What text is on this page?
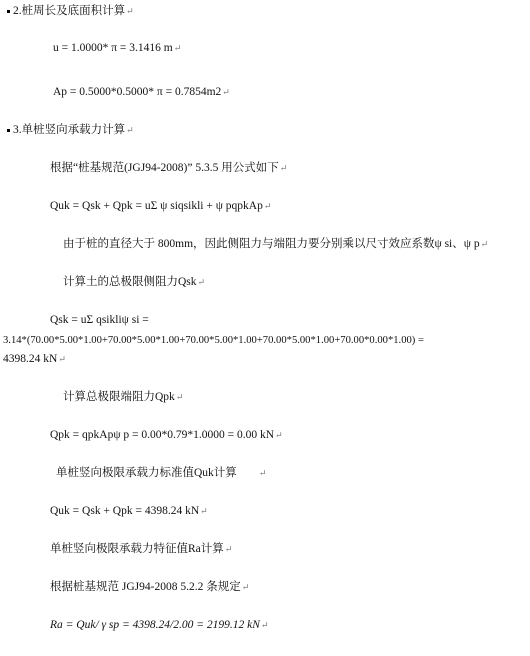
2.桩周长及底面积计算↵
u = 1.0000* π = 3.1416 m↵
Ap = 0.5000*0.5000* π = 0.7854m2↵
3.单桩竖向承载力计算↵
根据“桩基规范(JGJ94-2008)” 5.3.5 用公式如下↵
Quk = Qsk + Qpk = uΣ ψ siqsikli + ψ pqpkAp↵
由于桩的直径大于 800mm，因此侧阻力与端阻力要分别乘以尺寸效应系数ψ si、ψ p↵
计算土的总极限侧阻力Qsk↵
Qsk = uΣ qsikliψ si =
3.14*(70.00*5.00*1.00+70.00*5.00*1.00+70.00*5.00*1.00+70.00*5.00*1.00+70.00*0.00*1.00) =
4398.24 kN↵
计算总极限端阻力Qpk↵
Qpk = qpkApψ p = 0.00*0.79*1.0000 = 0.00 kN↵
单桩竖向极限承载力标准值Quk计算 ↵
Quk = Qsk + Qpk = 4398.24 kN↵
单桩竖向极限承载力特征值Ra计算↵
根据桩基规范 JGJ94-2008 5.2.2 条规定↵
Ra = Quk/ γ sp = 4398.24/2.00 = 2199.12 kN↵
